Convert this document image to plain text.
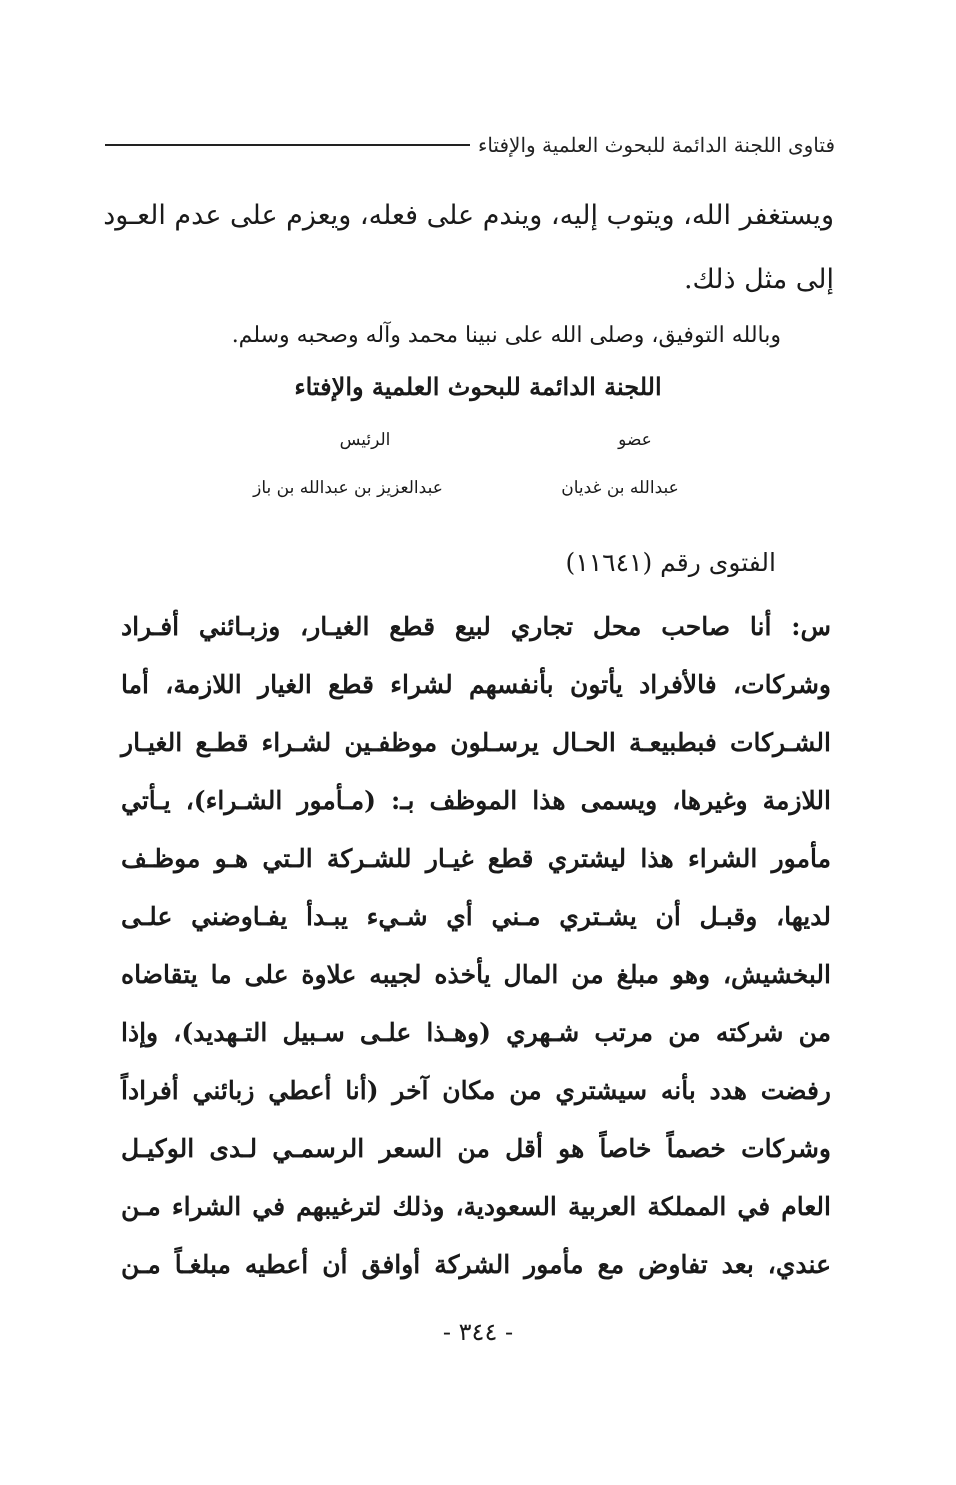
فتاوى اللجنة الدائمة للبحوث العلمية والإفتاء
ويستغفر الله، ويتوب إليه، ويندم على فعله، ويعزم على عدم العـود
إلى مثل ذلك.
وبالله التوفيق، وصلى الله على نبينا محمد وآله وصحبه وسلم.
اللجنة الدائمة للبحوث العلمية والإفتاء
عضو
الرئيس
عبدالله بن غديان
عبدالعزيز بن عبدالله بن باز
الفتوى رقم (١١٦٤١)
س: أنا صاحب محل تجاري لبيع قطع الغيـار، وزبـائني أفـراد
وشركات، فالأفراد يأتون بأنفسهم لشراء قطع الغيار اللازمة، أما
الشـركات فبطبيعـة الحـال يرسـلون موظفـين لشـراء قطـع الغيـار
اللازمة وغيرها، ويسمى هذا الموظف بـ: (مـأمور الشـراء)، يـأتي
مأمور الشراء هذا ليشتري قطع غيـار للشـركة الـتي هـو موظـف
لديها، وقبـل أن يشـتري مـني أي شـيء يبـدأ يفـاوضني علـى
البخشيش، وهو مبلغ من المال يأخذه لجيبه علاوة على ما يتقاضاه
من شركته من مرتب شـهري (وهـذا علـى سـبيل التـهديد)، وإذا
رفضت هدد بأنه سيشتري من مكان آخر (أنا أعطي زبائني أفراداً
وشركات خصماً خاصاً هو أقل من السعر الرسمـي لـدى الوكيـل
العام في المملكة العربية السعودية، وذلك لترغيبهم في الشراء مـن
عندي، بعد تفاوض مع مأمور الشركة أوافق أن أعطيه مبلغـاً مـن
- ٣٤٤ -
